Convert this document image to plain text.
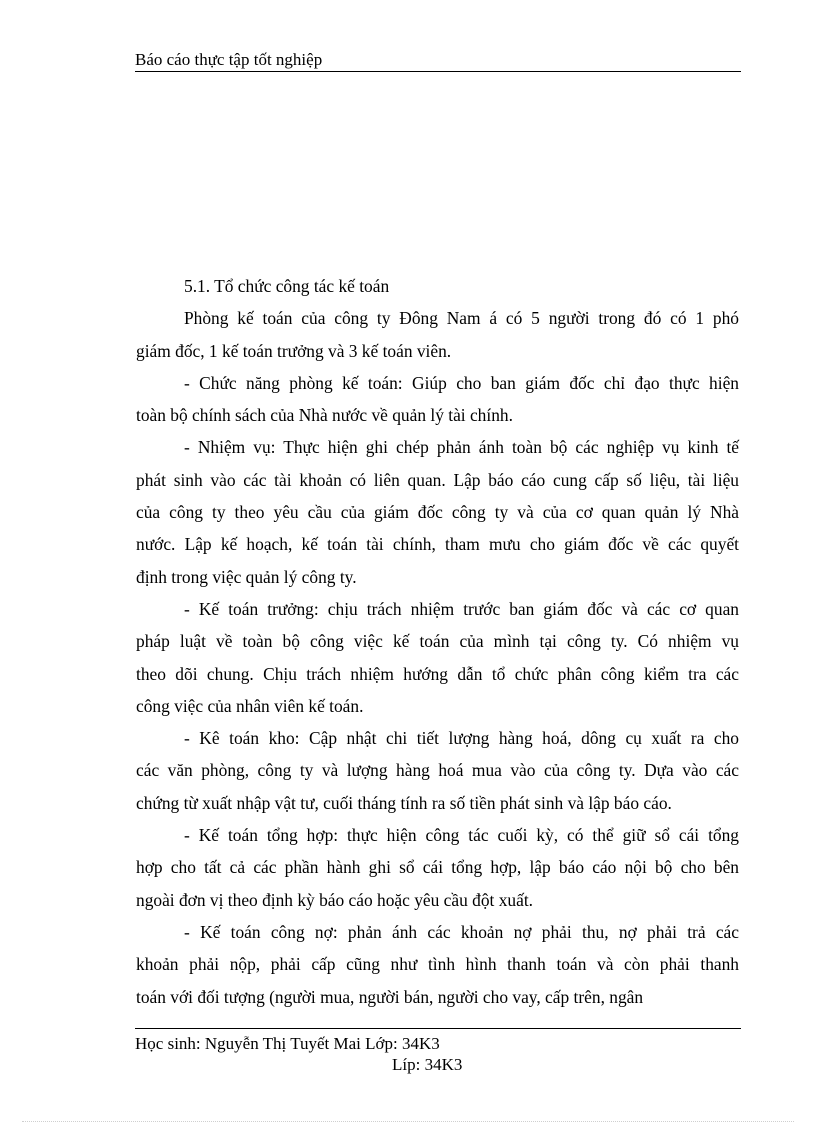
Báo cáo thực tập tốt nghiệp
5.1. Tổ chức công tác kế toán
Phòng kế toán của công ty Đông Nam á có 5 người trong đó có 1 phó
giám đốc, 1 kế toán trưởng và 3 kế toán viên.
- Chức năng phòng kế toán: Giúp cho ban giám đốc chỉ đạo thực hiện
toàn bộ chính sách của Nhà nước về quản lý tài chính.
- Nhiệm vụ: Thực hiện ghi chép phản ánh toàn bộ các nghiệp vụ kinh tế
phát sinh vào các tài khoản có liên quan. Lập báo cáo cung cấp số liệu, tài liệu
của công ty theo yêu cầu của giám đốc công ty và của cơ quan quản lý Nhà
nước. Lập kế hoạch, kế toán tài chính, tham mưu cho giám đốc về các quyết
định trong việc quản lý công ty.
- Kế toán trưởng: chịu trách nhiệm trước ban giám đốc và các cơ quan
pháp luật về toàn bộ công việc kế toán của mình tại công ty. Có nhiệm vụ
theo dõi chung. Chịu trách nhiệm hướng dẫn tổ chức phân công kiểm tra các
công việc của nhân viên kế toán.
- Kê toán kho: Cập nhật chi tiết lượng hàng hoá, dông cụ xuất ra cho
các văn phòng, công ty và lượng hàng hoá mua vào của công ty. Dựa vào các
chứng từ xuất nhập vật tư, cuối tháng tính ra số tiền phát sinh và lập báo cáo.
- Kế toán tổng hợp: thực hiện công tác cuối kỳ, có thể giữ sổ cái tổng
hợp cho tất cả các phần hành ghi sổ cái tổng hợp, lập báo cáo nội bộ cho bên
ngoài đơn vị theo định kỳ báo cáo hoặc yêu cầu đột xuất.
- Kế toán công nợ: phản ánh các khoản nợ phải thu, nợ phải trả các
khoản phải nộp, phải cấp cũng như tình hình thanh toán và còn phải thanh
toán với đối tượng (người mua, người bán, người cho vay, cấp trên, ngân
Học sinh: Nguyễn Thị Tuyết Mai Lớp: 34K3
Líp: 34K3
